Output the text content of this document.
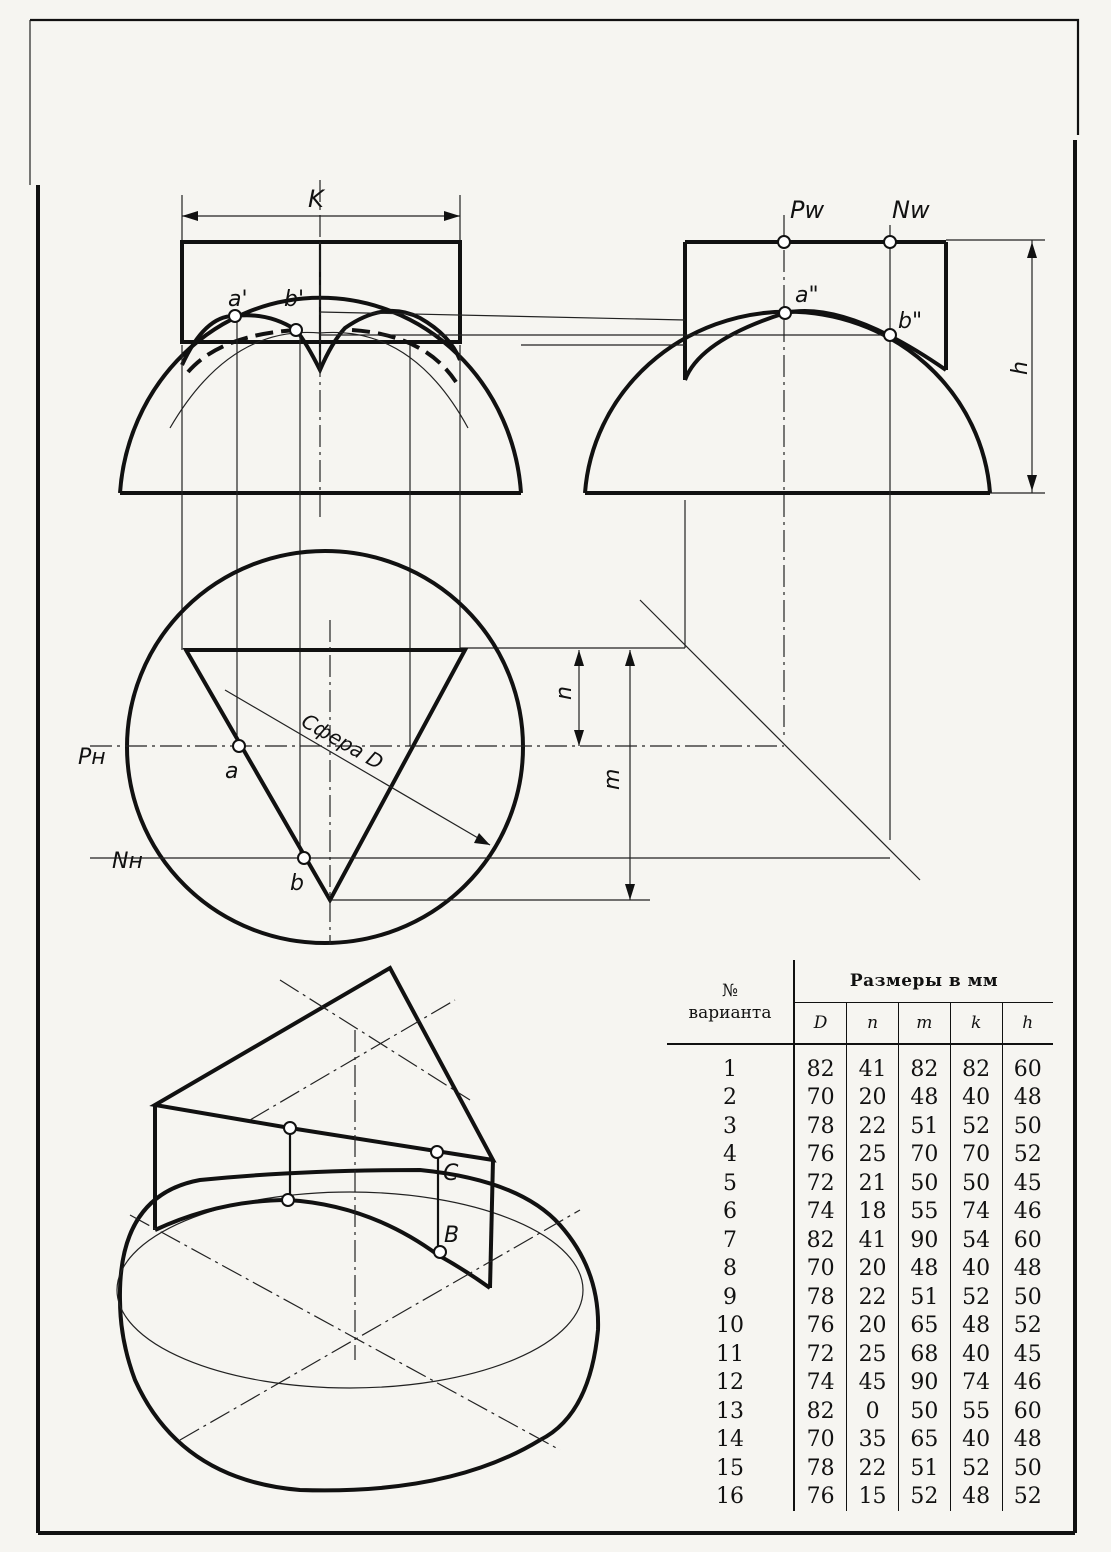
K
a' b'
Pw	Nw
a"
b"
h
Pн
Nн
a
b
Сфера D
n
m
C
B
№
варианта	Размеры в мм				
	D	n	m	k	h
1	82	41	82	82	60
2	70	20	48	40	48
3	78	22	51	52	50
4	76	25	70	70	52
5	72	21	50	50	45
6	74	18	55	74	46
7	82	41	90	54	60
8	70	20	48	40	48
9	78	22	51	52	50
10	76	20	65	48	52
11	72	25	68	40	45
12	74	45	90	74	46
13	82	0	50	55	60
14	70	35	65	40	48
15	78	22	51	52	50
16	76	15	52	48	52
